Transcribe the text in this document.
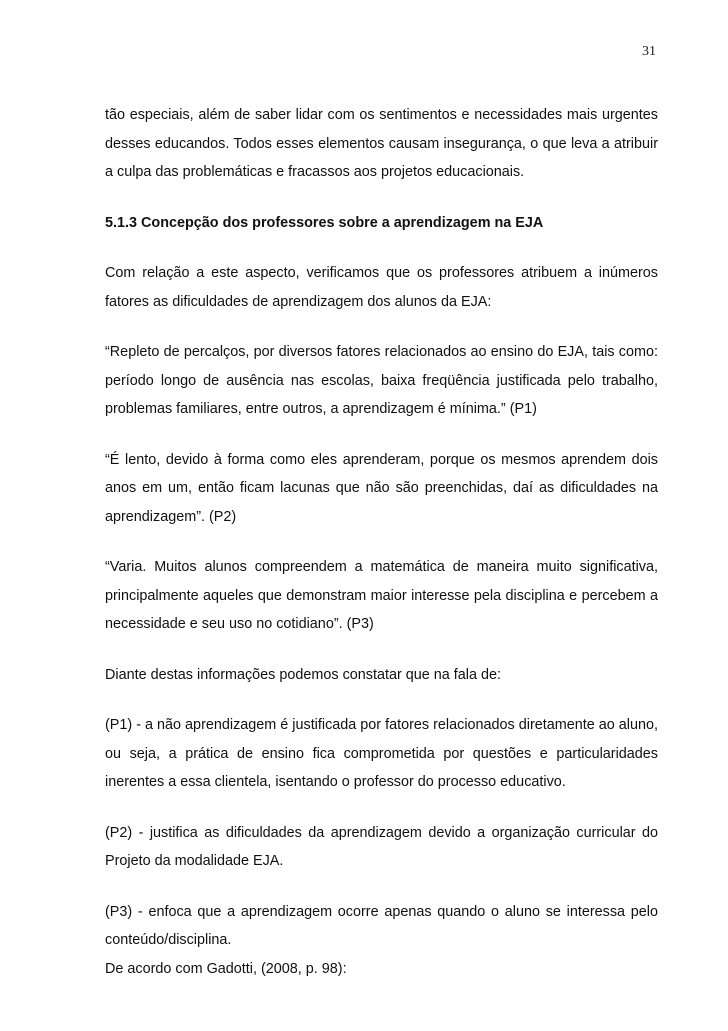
31

tão especiais, além de saber lidar com os sentimentos e necessidades mais urgentes desses educandos. Todos esses elementos causam insegurança, o que leva a atribuir a culpa das problemáticas e fracassos aos projetos educacionais.

5.1.3 Concepção dos professores sobre a aprendizagem na EJA

Com relação a este aspecto, verificamos que os professores atribuem a inúmeros fatores as dificuldades de aprendizagem dos alunos da EJA:

“Repleto de percalços, por diversos fatores relacionados ao ensino do EJA, tais como: período longo de ausência nas escolas, baixa freqüência justificada pelo trabalho, problemas familiares, entre outros, a aprendizagem é mínima.” (P1)

“É lento, devido à forma como eles aprenderam, porque os mesmos aprendem dois anos em um, então ficam lacunas que não são preenchidas, daí as dificuldades na aprendizagem”. (P2)

“Varia. Muitos alunos compreendem a matemática de maneira muito significativa, principalmente aqueles que demonstram maior interesse pela disciplina e percebem a necessidade e seu uso no cotidiano”. (P3)

Diante destas informações podemos constatar que na fala de:

(P1) - a não aprendizagem é justificada por fatores relacionados diretamente ao aluno, ou seja, a prática de ensino fica comprometida por questões e particularidades inerentes a essa clientela, isentando o professor do processo educativo.

(P2) - justifica as dificuldades da aprendizagem devido a organização curricular do Projeto da modalidade EJA.

(P3) - enfoca que a aprendizagem ocorre apenas quando o aluno se interessa pelo conteúdo/disciplina.

De acordo com Gadotti, (2008, p. 98):
